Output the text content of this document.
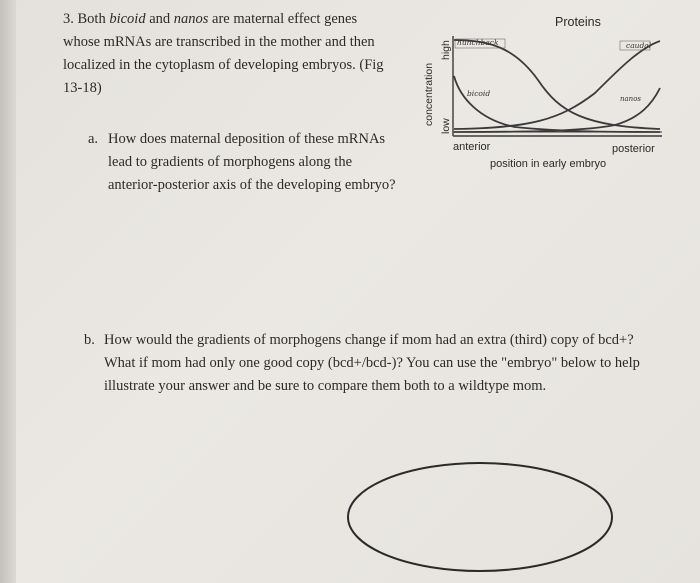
3. Both bicoid and nanos are maternal effect genes
whose mRNAs are transcribed in the mother and then
localized in the cytoplasm of developing embryos. (Fig
13-18)
a. How does maternal deposition of these mRNAs
lead to gradients of morphogens along the
anterior-posterior axis of the developing embryo?
Proteins
concentration
high
low
hunchback
bicoid
caudal
nanos
anterior	posterior
position in early embryo
b. How would the gradients of morphogens change if mom had an extra (third) copy of bcd+?
What if mom had only one good copy (bcd+/bcd-)? You can use the "embryo" below to help
illustrate your answer and be sure to compare them both to a wildtype mom.
